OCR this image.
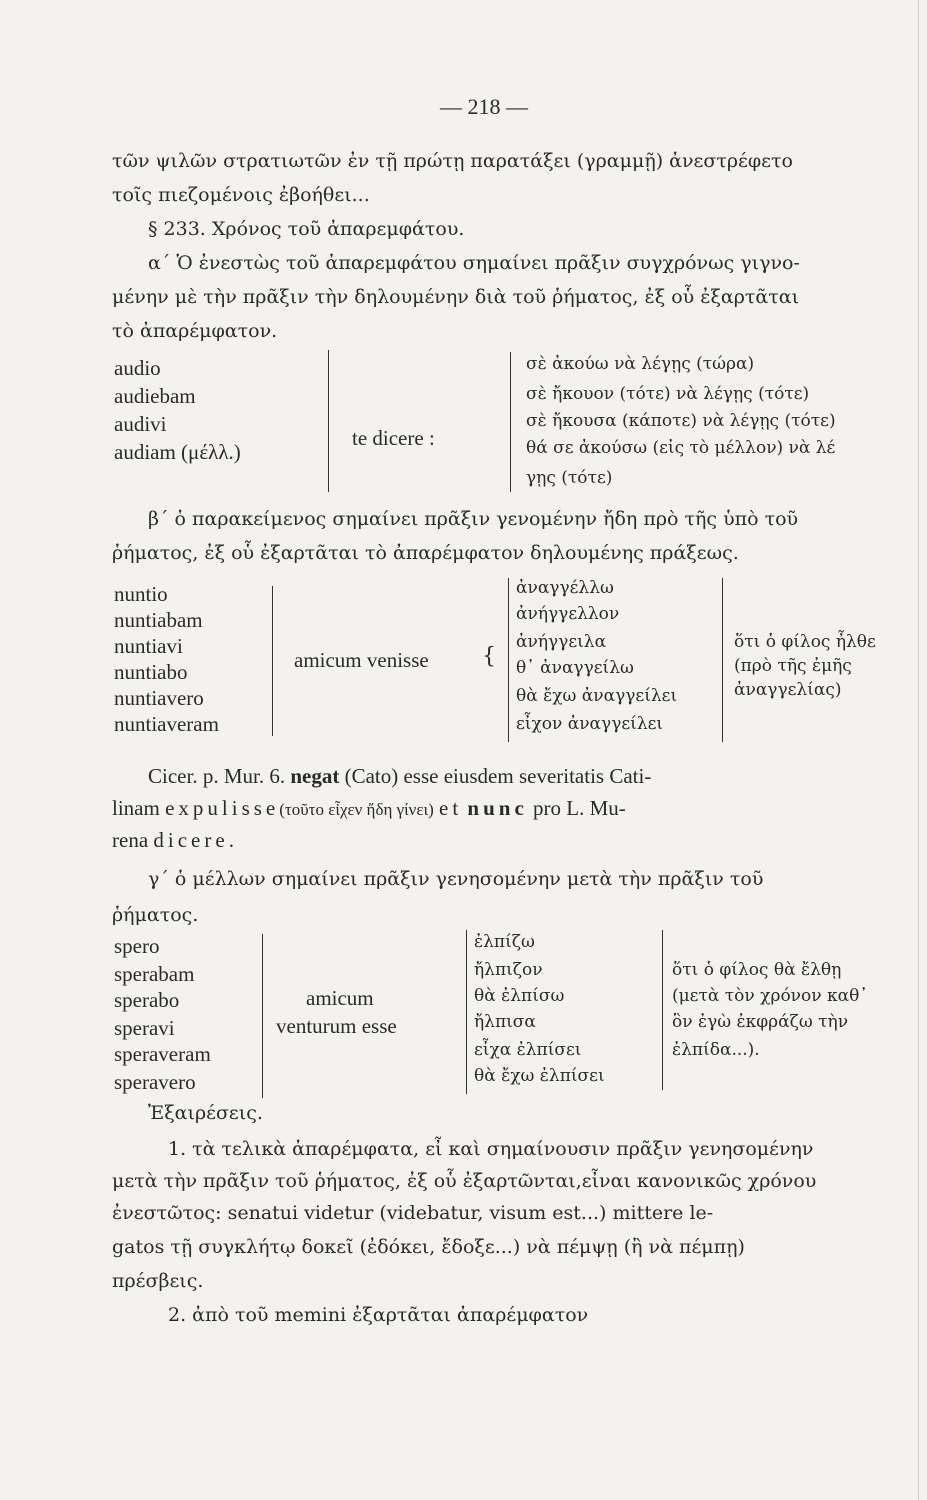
— 218 —
τῶν ψιλῶν στρατιωτῶν ἐν τῇ πρώτῃ παρατάξει (γραμμῇ) ἀνεστρέφετο
τοῖς πιεζομένοις ἐβοήθει...
§ 233. Χρόνος τοῦ ἀπαρεμφάτου.
α΄ Ὁ ἐνεστὼς τοῦ ἀπαρεμφάτου σημαίνει πρᾶξιν συγχρόνως γιγνο-
μένην μὲ τὴν πρᾶξιν τὴν δηλουμένην διὰ τοῦ ῥήματος, ἐξ οὗ ἐξαρτᾶται
τὸ ἀπαρέμφατον.
audio
audiebam
audivi
audiam (μέλλ.)
te dicere :
σὲ ἀκούω νὰ λέγῃς (τώρα)
σὲ ἤκουον (τότε) νὰ λέγῃς (τότε)
σὲ ἤκουσα (κάποτε) νὰ λέγῃς (τότε)
θά σε ἀκούσω (εἰς τὸ μέλλον) νὰ λέ
γῃς (τότε)
β΄ ὁ παρακείμενος σημαίνει πρᾶξιν γενομένην ἤδη πρὸ τῆς ὑπὸ τοῦ
ῥήματος, ἐξ οὗ ἐξαρτᾶται τὸ ἀπαρέμφατον δηλουμένης πράξεως.
nuntio
nuntiabam
nuntiavi
nuntiabo
nuntiavero
nuntiaveram
amicum venisse {
ἀναγγέλλω
ἀνήγγελλον
ἀνήγγειλα
θ᾿ ἀναγγείλω
θὰ ἔχω ἀναγγείλει
εἶχον ἀναγγείλει
ὅτι ὁ φίλος ἦλθε
(πρὸ τῆς ἐμῆς
ἀναγγελίας)
Cicer. p. Mur. 6. negat (Cato) esse eiusdem severitatis Cati-
linam expulisse(τοῦτο εἶχεν ἤδη γίνει) et nunc pro L. Mu-
rena dicere.
γ΄ ὁ μέλλων σημαίνει πρᾶξιν γενησομένην μετὰ τὴν πρᾶξιν τοῦ
ῥήματος.
spero
sperabam
sperabo
speravi
speraveram
speravero
amicum
venturum esse
ἐλπίζω
ἤλπιζον
θὰ ἐλπίσω
ἤλπισα
εἶχα ἐλπίσει
θὰ ἔχω ἐλπίσει
ὅτι ὁ φίλος θὰ ἔλθῃ
(μετὰ τὸν χρόνον καθ᾿
ὃν ἐγὼ ἐκφράζω τὴν
ἐλπίδα...).
Ἐξαιρέσεις.
1. τὰ τελικὰ ἀπαρέμφατα, εἶ καὶ σημαίνουσιν πρᾶξιν γενησομένην
μετὰ τὴν πρᾶξιν τοῦ ῥήματος, ἐξ οὗ ἐξαρτῶνται,εἶναι κανονικῶς χρόνου
ἐνεστῶτος: senatui videtur (videbatur, visum est...) mittere le-
gatos τῇ συγκλήτῳ δοκεῖ (ἐδόκει, ἔδοξε...) νὰ πέμψῃ (ἢ νὰ πέμπῃ)
πρέσβεις.
2. ἀπὸ τοῦ memini ἐξαρτᾶται ἀπαρέμφατον
